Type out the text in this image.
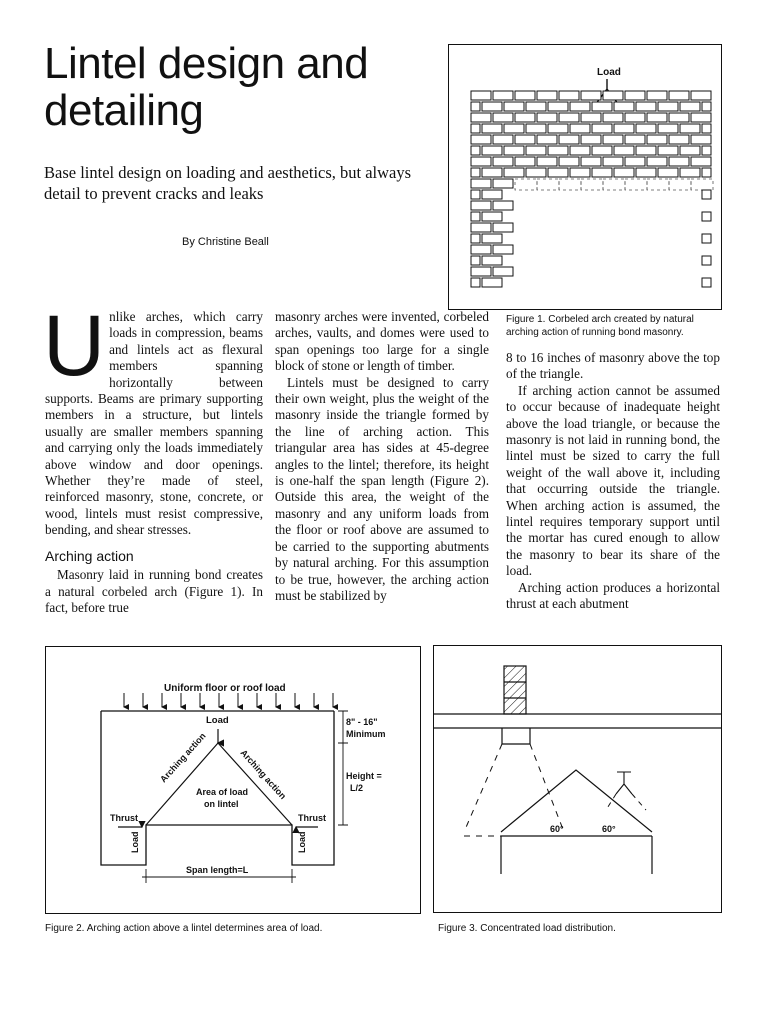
Lintel design and detailing
Base lintel design on loading and aesthetics, but always detail to prevent cracks and leaks
By Christine Beall
Load
Figure 1. Corbeled arch created by natural arching action of running bond masonry.
U nlike arches, which carry loads in compression, beams and lintels act as flexural members spanning horizontally between supports. Beams are primary supporting members in a structure, but lintels usually are smaller members spanning and carrying only the loads immediately above window and door openings. Whether they’re made of steel, reinforced masonry, stone, concrete, or wood, lintels must resist compressive, bending, and shear stresses.

Arching action

Masonry laid in running bond creates a natural corbeled arch (Figure 1). In fact, before true

masonry arches were invented, corbeled arches, vaults, and domes were used to span openings too large for a single block of stone or length of timber.

Lintels must be designed to carry their own weight, plus the weight of the masonry inside the triangle formed by the line of arching action. This triangular area has sides at 45-degree angles to the lintel; therefore, its height is one-half the span length (Figure 2). Outside this area, the weight of the masonry and any uniform loads from the floor or roof above are assumed to be carried to the supporting abutments by natural arching. For this assumption to be true, however, the arching action must be stabilized by

8 to 16 inches of masonry above the top of the triangle.

If arching action cannot be assumed to occur because of inadequate height above the load triangle, or because the masonry is not laid in running bond, the lintel must be sized to carry the full weight of the wall above it, including that occurring outside the triangle. When arching action is assumed, the lintel requires temporary support until the mortar has cured enough to allow the masonry to bear its share of the load.

Arching action produces a horizontal thrust at each abutment

Uniform floor or roof load
Load
Arching action	Arching action
Area of load
on lintel
Thrust	Thrust
Load	Load
8" - 16"
Minimum
Height =
L/2
Span length=L
Figure 2. Arching action above a lintel determines area of load.
60°	60°
Figure 3. Concentrated load distribution.
